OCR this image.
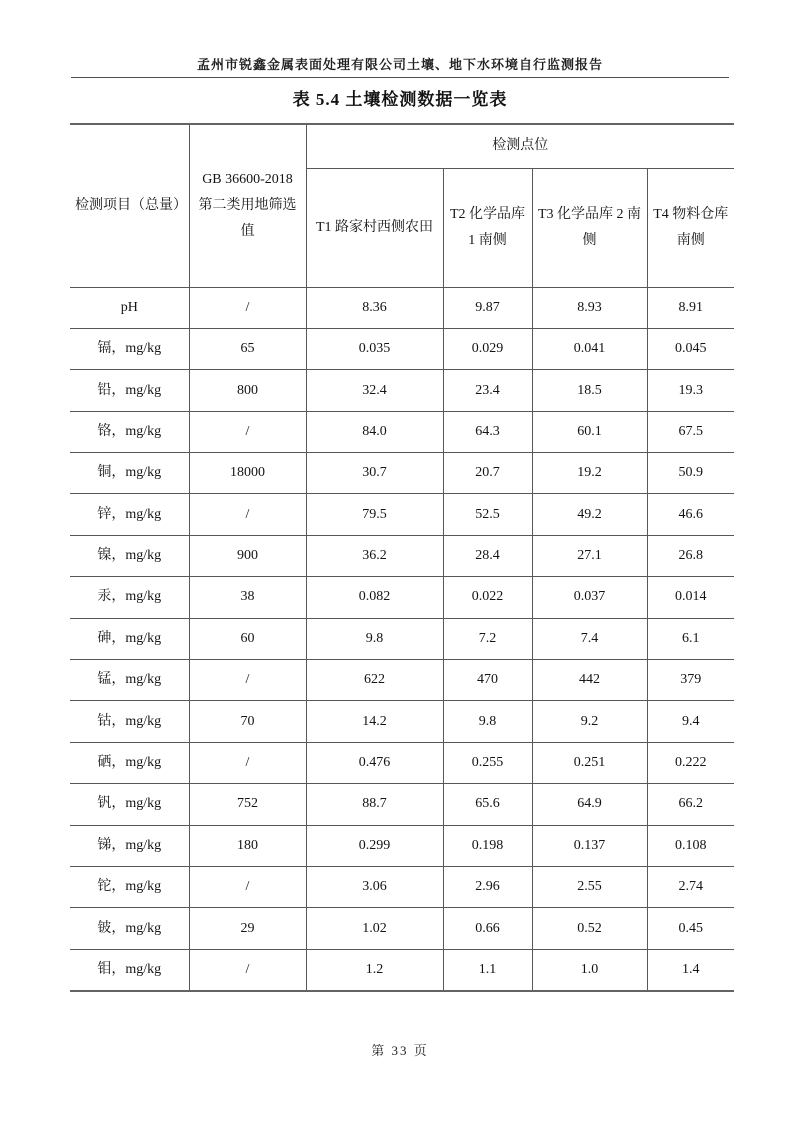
孟州市锐鑫金属表面处理有限公司土壤、地下水环境自行监测报告
表 5.4 土壤检测数据一览表
检测项目（总量）	GB 36600-2018 第二类用地筛选值	检测点位			
		T1 路家村西侧农田	T2 化学品库 1 南侧	T3 化学品库 2 南侧	T4 物料仓库南侧
pH	/	8.36	9.87	8.93	8.91
镉，mg/kg	65	0.035	0.029	0.041	0.045
铅，mg/kg	800	32.4	23.4	18.5	19.3
铬，mg/kg	/	84.0	64.3	60.1	67.5
铜，mg/kg	18000	30.7	20.7	19.2	50.9
锌，mg/kg	/	79.5	52.5	49.2	46.6
镍，mg/kg	900	36.2	28.4	27.1	26.8
汞，mg/kg	38	0.082	0.022	0.037	0.014
砷，mg/kg	60	9.8	7.2	7.4	6.1
锰，mg/kg	/	622	470	442	379
钴，mg/kg	70	14.2	9.8	9.2	9.4
硒，mg/kg	/	0.476	0.255	0.251	0.222
钒，mg/kg	752	88.7	65.6	64.9	66.2
锑，mg/kg	180	0.299	0.198	0.137	0.108
铊，mg/kg	/	3.06	2.96	2.55	2.74
铍，mg/kg	29	1.02	0.66	0.52	0.45
钼，mg/kg	/	1.2	1.1	1.0	1.4
第 33 页
